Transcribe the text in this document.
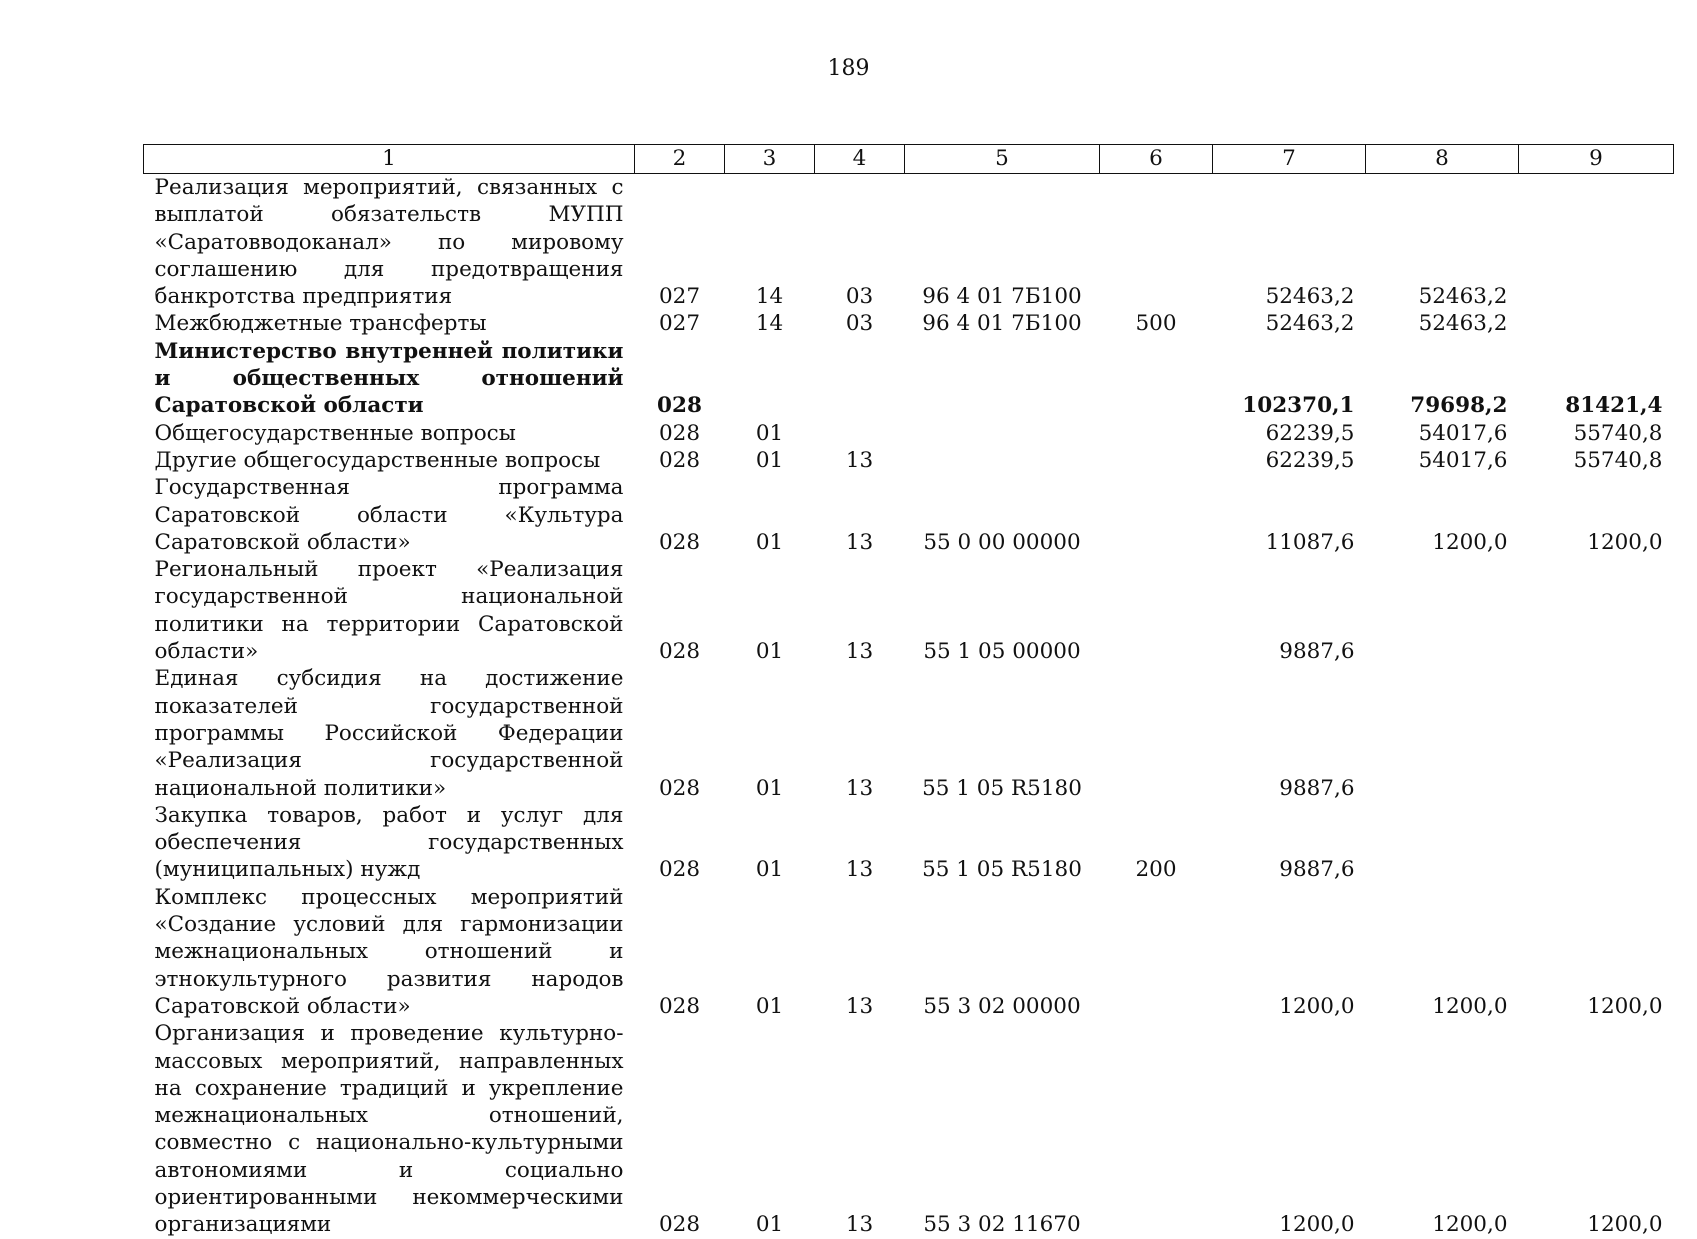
189
1	2	3	4	5	6	7	8	9
Реализация мероприятий, связанных с выплатой обязательств МУПП «Саратовводоканал» по мировому соглашению для предотвращения банкротства предприятия	027	14	03	96 4 01 7Б100		52463,2	52463,2	
Межбюджетные трансферты	027	14	03	96 4 01 7Б100	500	52463,2	52463,2	
Министерство внутренней политики и общественных отношений Саратовской области	028					102370,1	79698,2	81421,4
Общегосударственные вопросы	028	01				62239,5	54017,6	55740,8
Другие общегосударственные вопросы	028	01	13			62239,5	54017,6	55740,8
Государственная программа Саратовской области «Культура Саратовской области»	028	01	13	55 0 00 00000		11087,6	1200,0	1200,0
Региональный проект «Реализация государственной национальной политики на территории Саратовской области»	028	01	13	55 1 05 00000		9887,6		
Единая субсидия на достижение показателей государственной программы Российской Федерации «Реализация государственной национальной политики»	028	01	13	55 1 05 R5180		9887,6		
Закупка товаров, работ и услуг для обеспечения государственных (муниципальных) нужд	028	01	13	55 1 05 R5180	200	9887,6		
Комплекс процессных мероприятий «Создание условий для гармонизации межнациональных отношений и этнокультурного развития народов Саратовской области»	028	01	13	55 3 02 00000		1200,0	1200,0	1200,0
Организация и проведение культурно-массовых мероприятий, направленных на сохранение традиций и укрепление межнациональных отношений, совместно с национально-культурными автономиями и социально ориентированными некоммерческими организациями	028	01	13	55 3 02 11670		1200,0	1200,0	1200,0
